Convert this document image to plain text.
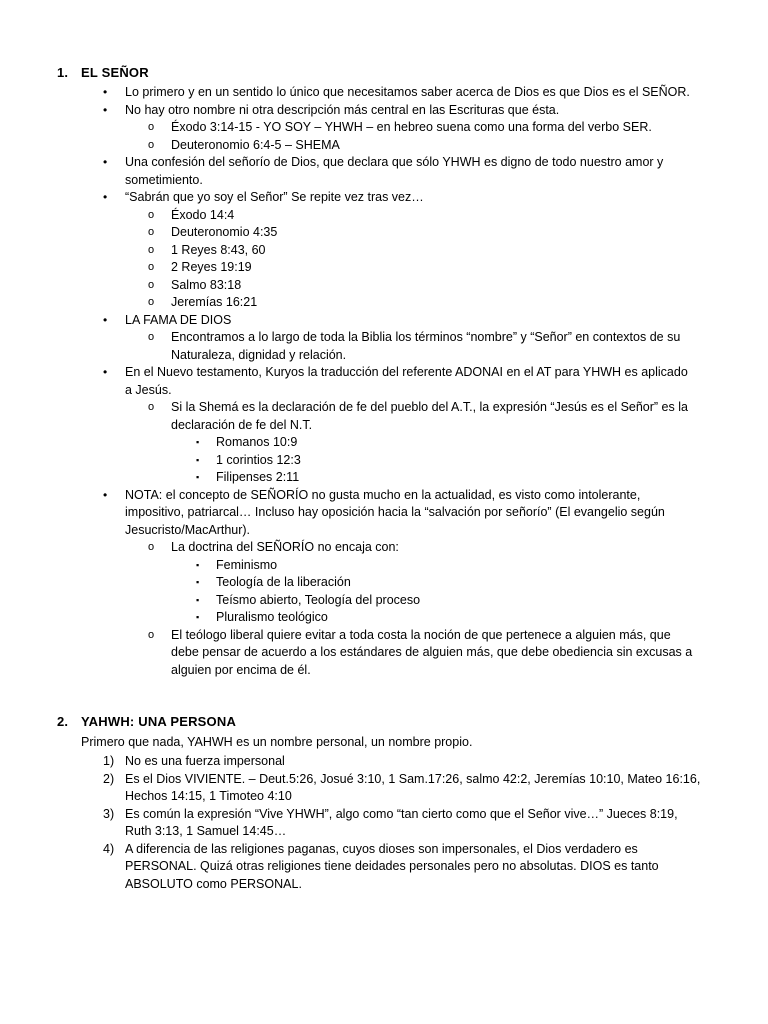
1. EL SEÑOR
• Lo primero y en un sentido lo único que necesitamos saber acerca de Dios es que Dios es el SEÑOR.
• No hay otro nombre ni otra descripción más central en las Escrituras que ésta.
o Éxodo 3:14-15 - YO SOY – YHWH – en hebreo suena como una forma del verbo SER.
o Deuteronomio 6:4-5 – SHEMA
• Una confesión del señorío de Dios, que declara que sólo YHWH es digno de todo nuestro amor y
sometimiento.
• “Sabrán que yo soy el Señor” Se repite vez tras vez…
o Éxodo 14:4
o Deuteronomio 4:35
o 1 Reyes 8:43, 60
o 2 Reyes 19:19
o Salmo 83:18
o Jeremías 16:21
• LA FAMA DE DIOS
o Encontramos a lo largo de toda la Biblia los términos “nombre” y “Señor” en contextos de su
Naturaleza, dignidad y relación.
• En el Nuevo testamento, Kuryos la traducción del referente ADONAI en el AT para YHWH es aplicado
a Jesús.
o Si la Shemá es la declaración de fe del pueblo del A.T., la expresión “Jesús es el Señor” es la
declaración de fe del N.T.
▪ Romanos 10:9
▪ 1 corintios 12:3
▪ Filipenses 2:11
• NOTA: el concepto de SEÑORÍO no gusta mucho en la actualidad, es visto como intolerante,
impositivo, patriarcal… Incluso hay oposición hacia la “salvación por señorío” (El evangelio según
Jesucristo/MacArthur).
o La doctrina del SEÑORÍO no encaja con:
▪ Feminismo
▪ Teología de la liberación
▪ Teísmo abierto, Teología del proceso
▪ Pluralismo teológico
o El teólogo liberal quiere evitar a toda costa la noción de que pertenece a alguien más, que
debe pensar de acuerdo a los estándares de alguien más, que debe obediencia sin excusas a
alguien por encima de él.
2. YAHWH: UNA PERSONA
Primero que nada, YAHWH es un nombre personal, un nombre propio.
1) No es una fuerza impersonal
2) Es el Dios VIVIENTE. – Deut.5:26, Josué 3:10, 1 Sam.17:26, salmo 42:2, Jeremías 10:10, Mateo 16:16,
Hechos 14:15, 1 Timoteo 4:10
3) Es común la expresión “Vive YHWH”, algo como “tan cierto como que el Señor vive…” Jueces 8:19,
Ruth 3:13, 1 Samuel 14:45…
4) A diferencia de las religiones paganas, cuyos dioses son impersonales, el Dios verdadero es
PERSONAL. Quizá otras religiones tiene deidades personales pero no absolutas. DIOS es tanto
ABSOLUTO como PERSONAL.
